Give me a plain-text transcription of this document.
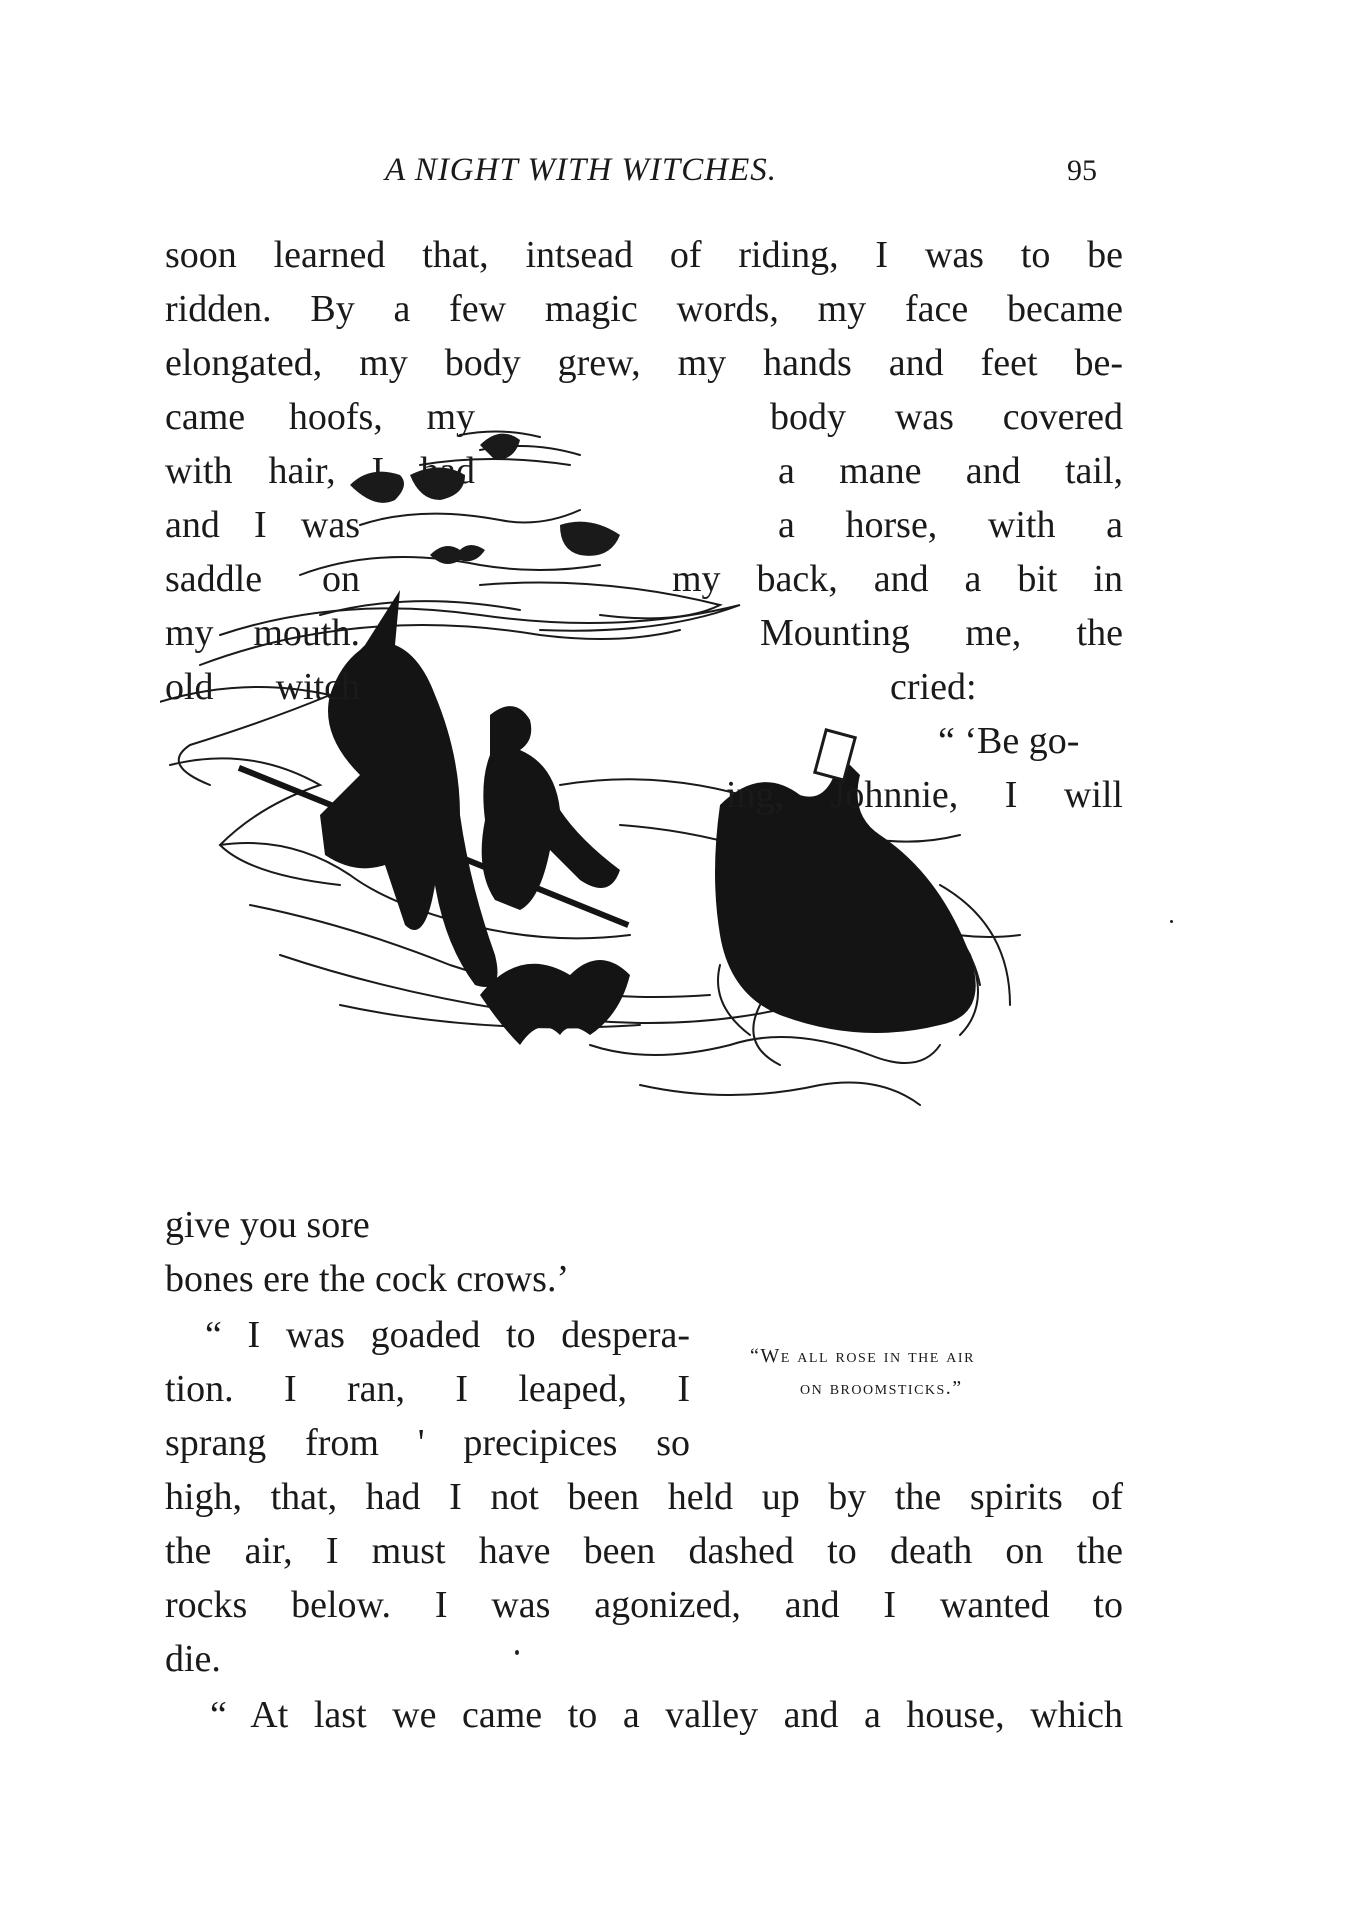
A NIGHT WITH WITCHES.	95
soon learned that, intsead of riding, I was to be
ridden. By a few magic words, my face became
elongated, my body grew, my hands and feet be-
came hoofs, my	body was covered
with hair, I had	a mane and tail,
and I was	a horse, with a
saddle on	my back, and a bit in
my mouth.	Mounting me, the
old witch	cried:
“ ‘Be go-
ing, Johnnie, I will
give you sore
bones ere the cock crows.’
“ I was goaded to despera-
tion. I ran, I leaped, I
sprang from ' precipices so
high, that, had I not been held up by the spirits of
the air, I must have been dashed to death on the
rocks below. I was agonized, and I wanted to
die.
“ At last we came to a valley and a house, which
“We all rose in the air
on broomsticks.”
